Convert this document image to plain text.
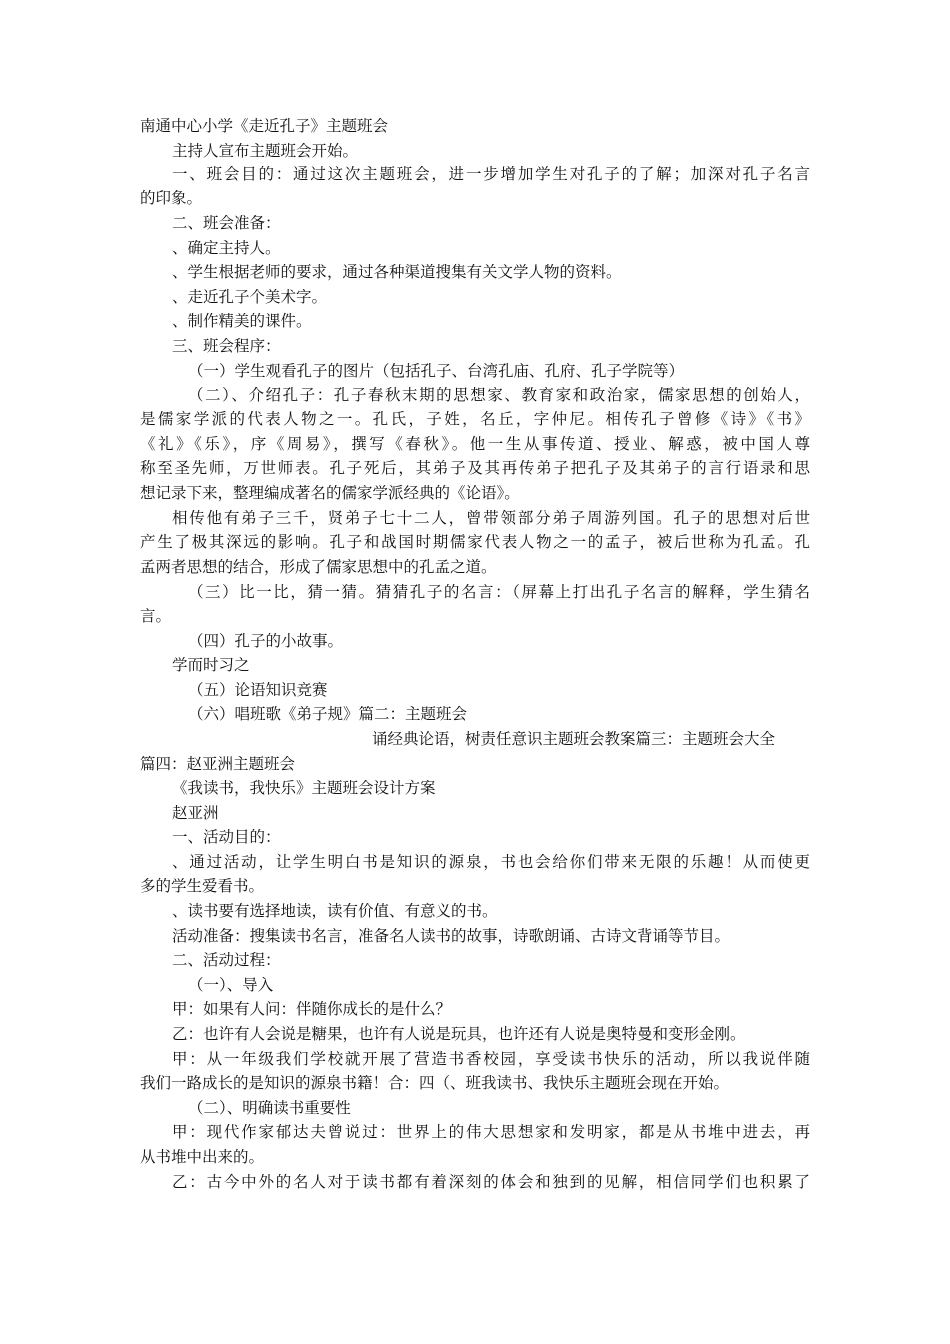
南通中心小学《走近孔子》主题班会
主持人宣布主题班会开始。
一、班会目的：通过这次主题班会，进一步增加学生对孔子的了解；加深对孔子名言
的印象。
二、班会准备：
、确定主持人。
、学生根据老师的要求，通过各种渠道搜集有关文学人物的资料。
、走近孔子个美术字。
、制作精美的课件。
三、班会程序：
（一）学生观看孔子的图片（包括孔子、台湾孔庙、孔府、孔子学院等）
（二）、介绍孔子：孔子春秋末期的思想家、教育家和政治家，儒家思想的创始人，
是儒家学派的代表人物之一。孔氏，子姓，名丘，字仲尼。相传孔子曾修《诗》《书》
《礼》《乐》，序《周易》，撰写《春秋》。他一生从事传道、授业、解惑，被中国人尊
称至圣先师，万世师表。孔子死后，其弟子及其再传弟子把孔子及其弟子的言行语录和思
想记录下来，整理编成著名的儒家学派经典的《论语》。
相传他有弟子三千，贤弟子七十二人，曾带领部分弟子周游列国。孔子的思想对后世
产生了极其深远的影响。孔子和战国时期儒家代表人物之一的孟子，被后世称为孔孟。孔
孟两者思想的结合，形成了儒家思想中的孔孟之道。
（三）比一比，猜一猜。猜猜孔子的名言：（屏幕上打出孔子名言的解释，学生猜名
言。
（四）孔子的小故事。
学而时习之
（五）论语知识竞赛
（六）唱班歌《弟子规》篇二：主题班会
诵经典论语，树责任意识主题班会教案篇三：主题班会大全
篇四：赵亚洲主题班会
《我读书，我快乐》主题班会设计方案
赵亚洲
一、活动目的：
、通过活动，让学生明白书是知识的源泉，书也会给你们带来无限的乐趣！从而使更
多的学生爱看书。
、读书要有选择地读，读有价值、有意义的书。
活动准备：搜集读书名言，准备名人读书的故事，诗歌朗诵、古诗文背诵等节目。
二、活动过程：
（一）、导入
甲：如果有人问：伴随你成长的是什么？
乙：也许有人会说是糖果，也许有人说是玩具，也许还有人说是奥特曼和变形金刚。
甲：从一年级我们学校就开展了营造书香校园，享受读书快乐的活动，所以我说伴随
我们一路成长的是知识的源泉书籍！合：四（、班我读书、我快乐主题班会现在开始。
（二）、明确读书重要性
甲：现代作家郁达夫曾说过：世界上的伟大思想家和发明家，都是从书堆中进去，再
从书堆中出来的。
乙：古今中外的名人对于读书都有着深刻的体会和独到的见解，相信同学们也积累了
